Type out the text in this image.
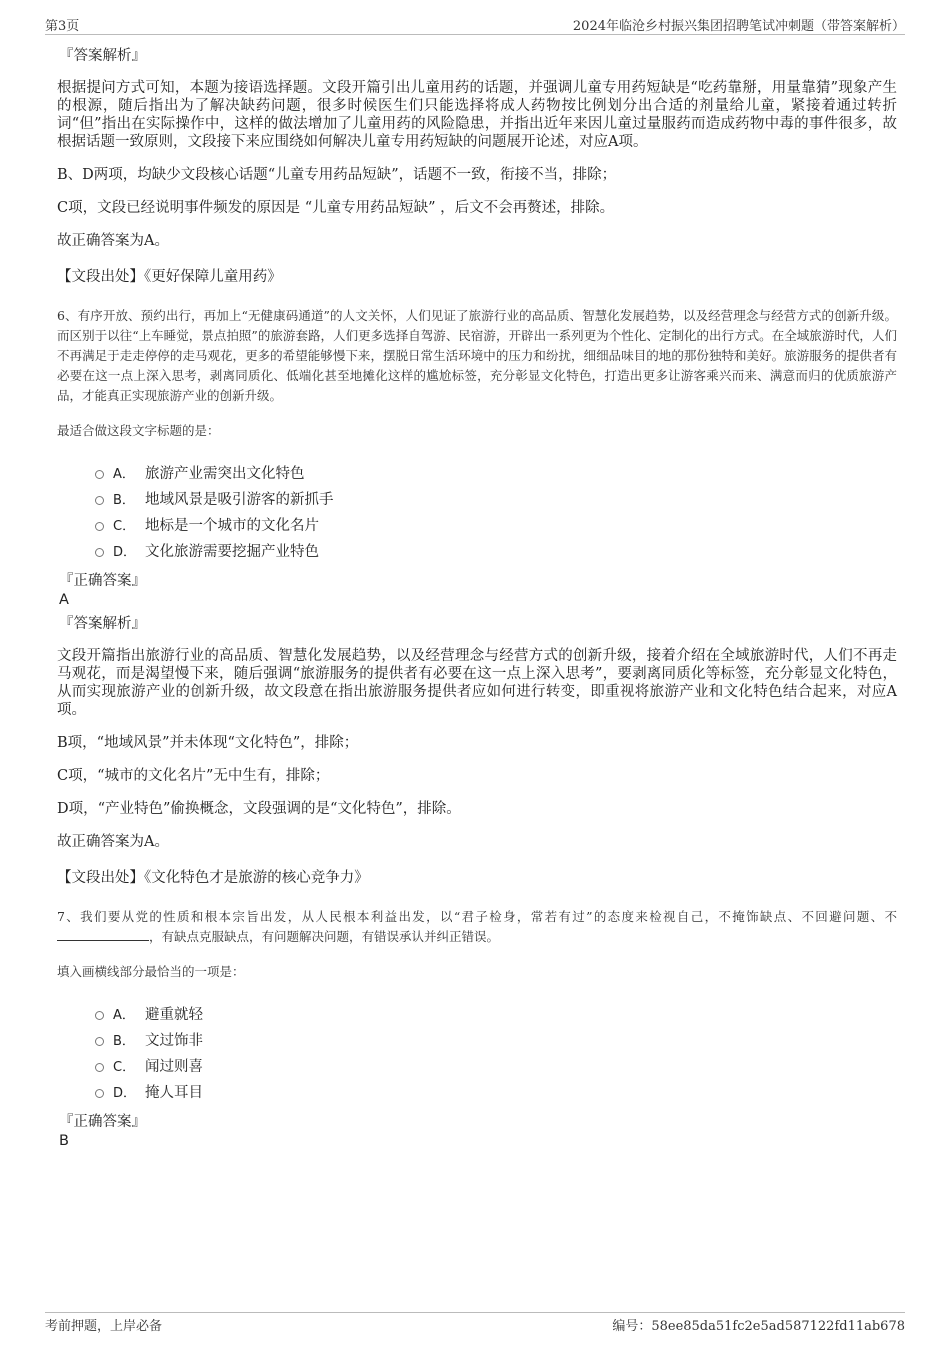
第3页	2024年临沧乡村振兴集团招聘笔试冲刺题（带答案解析）
『答案解析』

根据提问方式可知，本题为接语选择题。文段开篇引出儿童用药的话题，并强调儿童专用药短缺是“吃药靠掰，用量靠猜”现象产生的根源，随后指出为了解决缺药问题，很多时候医生们只能选择将成人药物按比例划分出合适的剂量给儿童，紧接着通过转折词“但”指出在实际操作中，这样的做法增加了儿童用药的风险隐患，并指出近年来因儿童过量服药而造成药物中毒的事件很多，故根据话题一致原则，文段接下来应围绕如何解决儿童专用药短缺的问题展开论述，对应A项。

B、D两项，均缺少文段核心话题“儿童专用药品短缺”，话题不一致，衔接不当，排除；

C项，文段已经说明事件频发的原因是 “儿童专用药品短缺” ，后文不会再赘述，排除。

故正确答案为A。

【文段出处】《更好保障儿童用药》

6、有序开放、预约出行，再加上“无健康码通道”的人文关怀，人们见证了旅游行业的高品质、智慧化发展趋势，以及经营理念与经营方式的创新升级。而区别于以往“上车睡觉，景点拍照”的旅游套路，人们更多选择自驾游、民宿游，开辟出一系列更为个性化、定制化的出行方式。在全域旅游时代，人们不再满足于走走停停的走马观花，更多的希望能够慢下来，摆脱日常生活环境中的压力和纷扰，细细品味目的地的那份独特和美好。旅游服务的提供者有必要在这一点上深入思考，剥离同质化、低端化甚至地摊化这样的尴尬标签，充分彰显文化特色，打造出更多让游客乘兴而来、满意而归的优质旅游产品，才能真正实现旅游产业的创新升级。

最适合做这段文字标题的是：
A． 旅游产业需突出文化特色
B． 地域风景是吸引游客的新抓手
C． 地标是一个城市的文化名片
D． 文化旅游需要挖掘产业特色
『正确答案』
A
『答案解析』

文段开篇指出旅游行业的高品质、智慧化发展趋势，以及经营理念与经营方式的创新升级，接着介绍在全域旅游时代，人们不再走马观花，而是渴望慢下来，随后强调“旅游服务的提供者有必要在这一点上深入思考”，要剥离同质化等标签，充分彰显文化特色，从而实现旅游产业的创新升级，故文段意在指出旅游服务提供者应如何进行转变，即重视将旅游产业和文化特色结合起来，对应A项。

B项，“地域风景”并未体现“文化特色”，排除；

C项，“城市的文化名片”无中生有，排除；

D项，“产业特色”偷换概念，文段强调的是“文化特色”，排除。

故正确答案为A。

【文段出处】《文化特色才是旅游的核心竞争力》

7、我们要从党的性质和根本宗旨出发，从人民根本利益出发，以“君子检身，常若有过”的态度来检视自己，不掩饰缺点、不回避问题、不，有缺点克服缺点，有问题解决问题，有错误承认并纠正错误。

填入画横线部分最恰当的一项是：
A． 避重就轻
B． 文过饰非
C． 闻过则喜
D． 掩人耳目
『正确答案』
B
考前押题，上岸必备	编号：58ee85da51fc2e5ad587122fd11ab678
